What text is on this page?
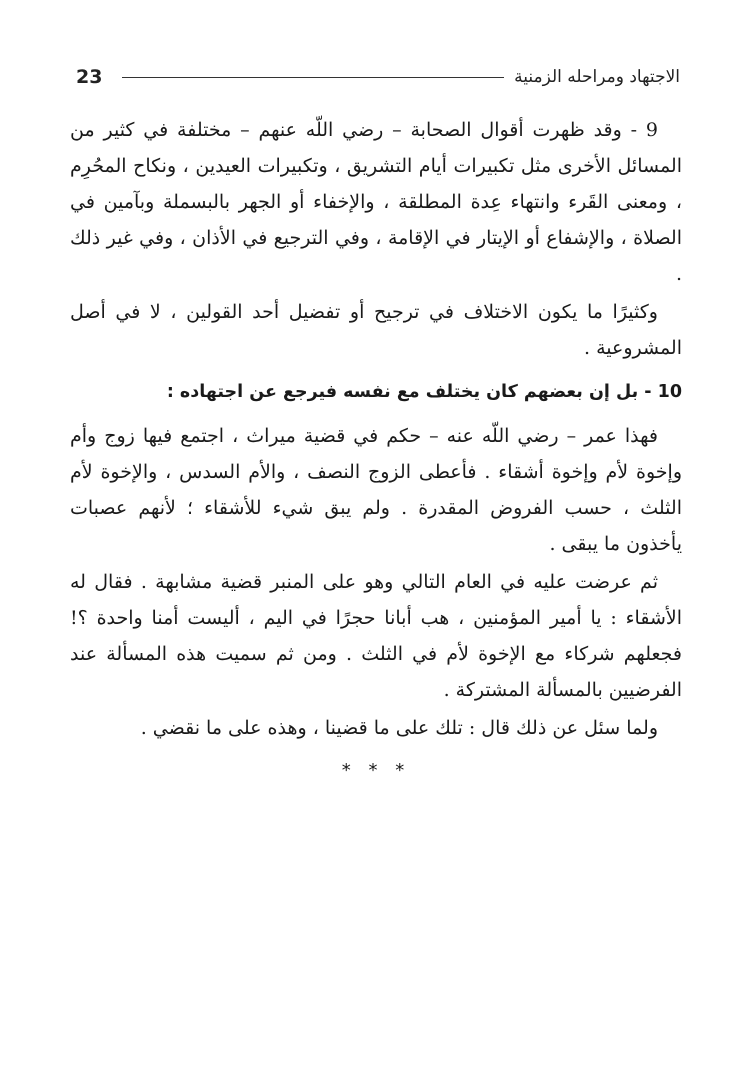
23	الاجتهاد ومراحله الزمنية

9 - وقد ظهرت أقوال الصحابة – رضي اللّه عنهم – مختلفة في كثير من المسائل الأخرى مثل تكبيرات أيام التشريق ، وتكبيرات العيدين ، ونكاح المحُرِم ، ومعنى القَرء وانتهاء عِدة المطلقة ، والإخفاء أو الجهر بالبسملة وبآمين في الصلاة ، والإشفاع أو الإيتار في الإقامة ، وفي الترجيع في الأذان ، وفي غير ذلك .

وكثيرًا ما يكون الاختلاف في ترجيح أو تفضيل أحد القولين ، لا في أصل المشروعية .

10 - بل إن بعضهم كان يختلف مع نفسه فيرجع عن اجتهاده :

فهذا عمر – رضي اللّه عنه – حكم في قضية ميراث ، اجتمع فيها زوج وأم وإخوة لأم وإخوة أشقاء . فأعطى الزوج النصف ، والأم السدس ، والإخوة لأم الثلث ، حسب الفروض المقدرة . ولم يبق شيء للأشقاء ؛ لأنهم عصبات يأخذون ما يبقى .

ثم عرضت عليه في العام التالي وهو على المنبر قضية مشابهة . فقال له الأشقاء : يا أمير المؤمنين ، هب أبانا حجرًا في اليم ، أليست أمنا واحدة ؟! فجعلهم شركاء مع الإخوة لأم في الثلث . ومن ثم سميت هذه المسألة عند الفرضيين بالمسألة المشتركة .

ولما سئل عن ذلك قال : تلك على ما قضينا ، وهذه على ما نقضي .

* * *
